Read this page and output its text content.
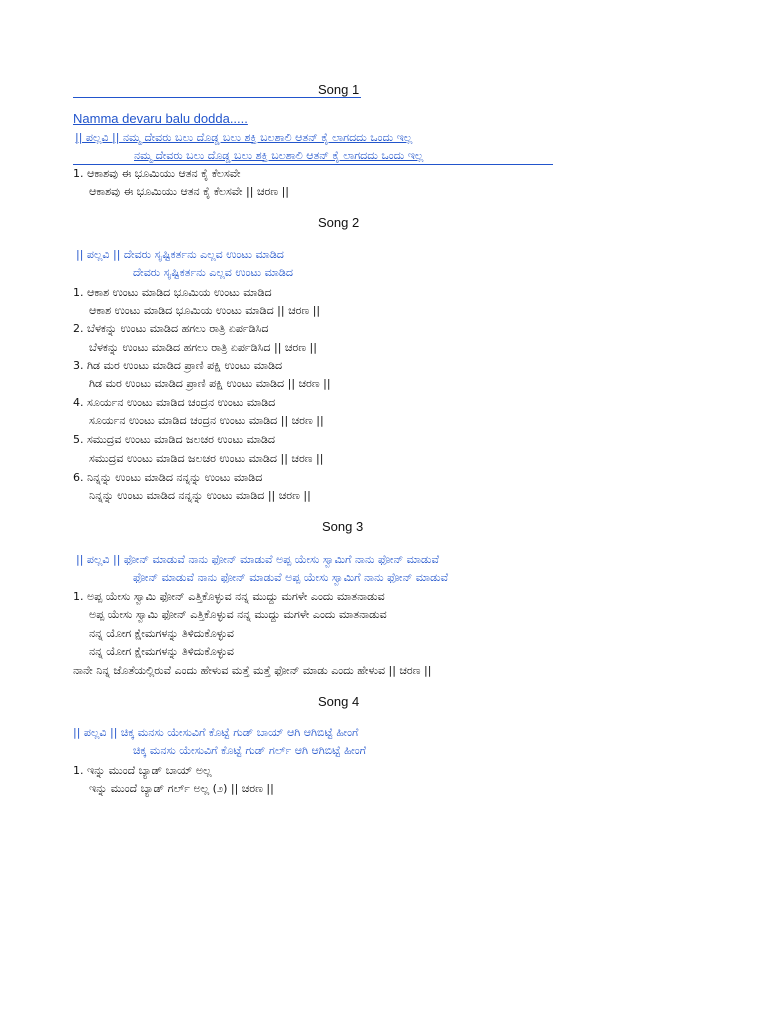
Song 1
Namma devaru balu dodda.....
|| ಪಲ್ಲವಿ || ನಮ್ಮ ದೇವರು ಬಲು ದೊಡ್ಡ ಬಲು ಶಕ್ತಿ ಬಲಶಾಲಿ ಆತನ್ ಕೈ ಲಾಗದದು ಒಂದು ಇಲ್ಲ
ನಮ್ಮ ದೇವರು ಬಲು ದೊಡ್ಡ ಬಲು ಶಕ್ತಿ ಬಲಶಾಲಿ ಆತನ್ ಕೈ ಲಾಗದದು ಒಂದು ಇಲ್ಲ
1. ಆಕಾಶವು ಈ ಭೂಮಿಯು ಆತನ ಕೈ ಕೆಲಸವೇ
ಆಕಾಶವು ಈ ಭೂಮಿಯು ಆತನ ಕೈ ಕೆಲಸವೇ || ಚರಣ ||
Song 2
|| ಪಲ್ಲವಿ || ದೇವರು ಸೃಷ್ಟಿಕರ್ತನು ಎಲ್ಲವ ಉಂಟು ಮಾಡಿದ
ದೇವರು ಸೃಷ್ಟಿಕರ್ತನು ಎಲ್ಲವ ಉಂಟು ಮಾಡಿದ
1. ಆಕಾಶ ಉಂಟು ಮಾಡಿದ ಭೂಮಿಯ ಉಂಟು ಮಾಡಿದ
ಆಕಾಶ ಉಂಟು ಮಾಡಿದ ಭೂಮಿಯ ಉಂಟು ಮಾಡಿದ || ಚರಣ ||
2. ಬೆಳಕನ್ನು ಉಂಟು ಮಾಡಿದ ಹಗಲು ರಾತ್ರಿ ಏರ್ಪಡಿಸಿದ
ಬೆಳಕನ್ನು ಉಂಟು ಮಾಡಿದ ಹಗಲು ರಾತ್ರಿ ಏರ್ಪಡಿಸಿದ || ಚರಣ ||
3. ಗಿಡ ಮರ ಉಂಟು ಮಾಡಿದ ಪ್ರಾಣಿ ಪಕ್ಷಿ ಉಂಟು ಮಾಡಿದ
ಗಿಡ ಮರ ಉಂಟು ಮಾಡಿದ ಪ್ರಾಣಿ ಪಕ್ಷಿ ಉಂಟು ಮಾಡಿದ || ಚರಣ ||
4. ಸೂರ್ಯನ ಉಂಟು ಮಾಡಿದ ಚಂದ್ರನ ಉಂಟು ಮಾಡಿದ
ಸೂರ್ಯನ ಉಂಟು ಮಾಡಿದ ಚಂದ್ರನ ಉಂಟು ಮಾಡಿದ || ಚರಣ ||
5. ಸಮುದ್ರವ ಉಂಟು ಮಾಡಿದ ಜಲಚರ ಉಂಟು ಮಾಡಿದ
ಸಮುದ್ರವ ಉಂಟು ಮಾಡಿದ ಜಲಚರ ಉಂಟು ಮಾಡಿದ || ಚರಣ ||
6. ನಿನ್ನನ್ನು ಉಂಟು ಮಾಡಿದ ನನ್ನನ್ನು ಉಂಟು ಮಾಡಿದ
ನಿನ್ನನ್ನು ಉಂಟು ಮಾಡಿದ ನನ್ನನ್ನು ಉಂಟು ಮಾಡಿದ || ಚರಣ ||
Song 3
|| ಪಲ್ಲವಿ || ಫೋನ್ ಮಾಡುವೆ ನಾನು ಫೋನ್ ಮಾಡುವೆ ಅಪ್ಪ ಯೇಸು ಸ್ವಾಮಿಗೆ ನಾನು ಫೋನ್ ಮಾಡುವೆ
ಫೋನ್ ಮಾಡುವೆ ನಾನು ಫೋನ್ ಮಾಡುವೆ ಅಪ್ಪ ಯೇಸು ಸ್ವಾಮಿಗೆ ನಾನು ಫೋನ್ ಮಾಡುವೆ
1. ಅಪ್ಪ ಯೇಸು ಸ್ವಾಮಿ ಫೋನ್ ಎತ್ತಿಕೊಳ್ಳುವ ನನ್ನ ಮುದ್ದು ಮಗಳೇ ಎಂದು ಮಾತನಾಡುವ
ಅಪ್ಪ ಯೇಸು ಸ್ವಾಮಿ ಫೋನ್ ಎತ್ತಿಕೊಳ್ಳುವ ನನ್ನ ಮುದ್ದು ಮಗಳೇ ಎಂದು ಮಾತನಾಡುವ
ನನ್ನ ಯೋಗ ಕ್ಷೇಮಗಳನ್ನು ತಿಳಿದುಕೊಳ್ಳುವ
ನನ್ನ ಯೋಗ ಕ್ಷೇಮಗಳನ್ನು ತಿಳಿದುಕೊಳ್ಳುವ
ನಾನೇ ನಿನ್ನ ಜೊತೆಯಲ್ಲಿರುವೆ ಎಂದು ಹೇಳುವ ಮತ್ತೆ ಮತ್ತೆ ಫೋನ್ ಮಾಡು ಎಂದು ಹೇಳುವ || ಚರಣ ||
Song 4
|| ಪಲ್ಲವಿ || ಚಿಕ್ಕ ಮನಸು ಯೇಸುವಿಗೆ ಕೊಟ್ಟೆ ಗುಡ್ ಬಾಯ್ ಆಗಿ ಆಗಿಬಿಟ್ಟೆ ಹೀಂಗೆ
ಚಿಕ್ಕ ಮನಸು ಯೇಸುವಿಗೆ ಕೊಟ್ಟೆ ಗುಡ್ ಗರ್ಲ್ ಆಗಿ ಆಗಿಬಿಟ್ಟೆ ಹೀಂಗೆ
1. ಇನ್ನು ಮುಂದೆ ಬ್ಯಾಡ್ ಬಾಯ್ ಅಲ್ಲ
ಇನ್ನು ಮುಂದೆ ಬ್ಯಾಡ್ ಗರ್ಲ್ ಅಲ್ಲ (೨) || ಚರಣ ||
